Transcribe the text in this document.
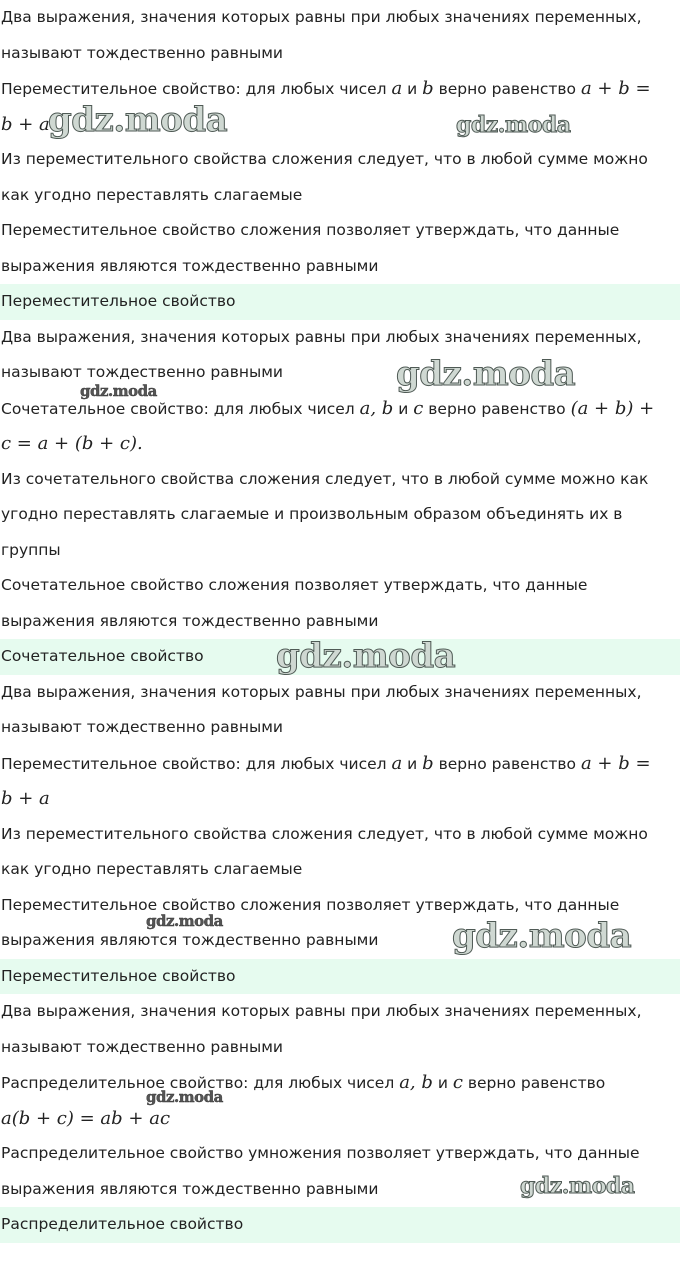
Два выражения, значения которых равны при любых значениях переменных,
называют тождественно равными
Переместительное свойство: для любых чисел a и b верно равенство a + b =
b + a
Из переместительного свойства сложения следует, что в любой сумме можно
как угодно переставлять слагаемые
Переместительное свойство сложения позволяет утверждать, что данные
выражения являются тождественно равными
Переместительное свойство
Два выражения, значения которых равны при любых значениях переменных,
называют тождественно равными
Сочетательное свойство: для любых чисел a, b и c верно равенство (a + b) +
c = a + (b + c).
Из сочетательного свойства сложения следует, что в любой сумме можно как
угодно переставлять слагаемые и произвольным образом объединять их в
группы
Сочетательное свойство сложения позволяет утверждать, что данные
выражения являются тождественно равными
Сочетательное свойство
Два выражения, значения которых равны при любых значениях переменных,
называют тождественно равными
Переместительное свойство: для любых чисел a и b верно равенство a + b =
b + a
Из переместительного свойства сложения следует, что в любой сумме можно
как угодно переставлять слагаемые
Переместительное свойство сложения позволяет утверждать, что данные
выражения являются тождественно равными
Переместительное свойство
Два выражения, значения которых равны при любых значениях переменных,
называют тождественно равными
Распределительное свойство: для любых чисел a, b и c верно равенство
a(b + c) = ab + ac
Распределительное свойство умножения позволяет утверждать, что данные
выражения являются тождественно равными
Распределительное свойство
gdz.moda	gdz.moda
gdz.moda	gdz.moda
gdz.moda
gdz.moda	gdz.moda
gdz.moda
gdz.moda
